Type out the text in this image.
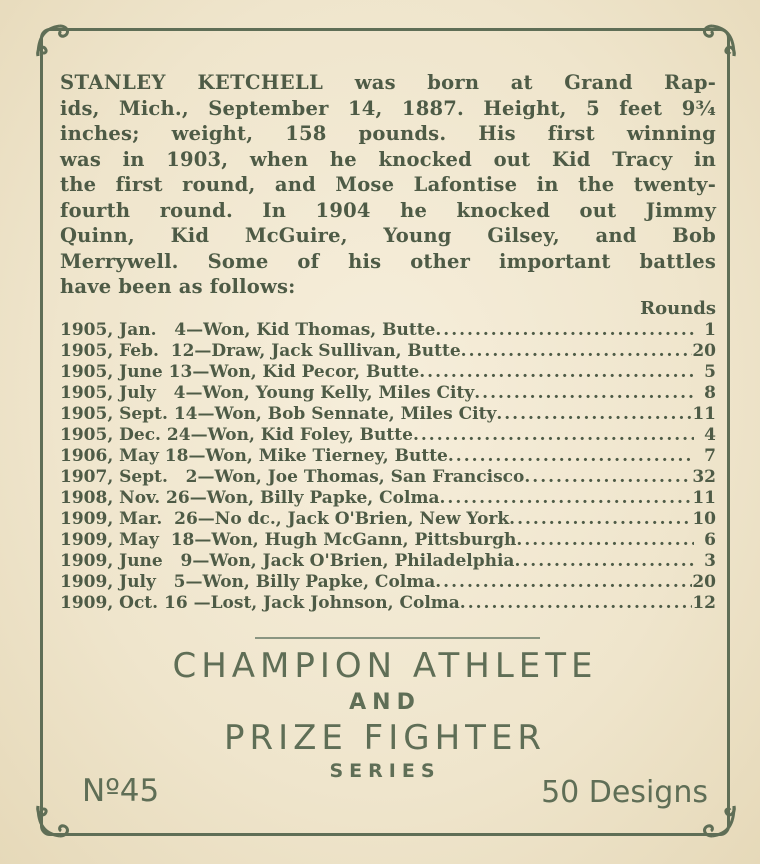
STANLEY KETCHELL was born at Grand Rap-
ids, Mich., September 14, 1887. Height, 5 feet 9¾
inches; weight, 158 pounds. His first winning
was in 1903, when he knocked out Kid Tracy in
the first round, and Mose Lafontise in the twenty-
fourth round. In 1904 he knocked out Jimmy
Quinn, Kid McGuire, Young Gilsey, and Bob
Merrywell. Some of his other important battles
have been as follows:
Rounds
1905, Jan.   4—Won, Kid Thomas, Butte .....	1
1905, Feb.  12—Draw, Jack Sullivan, Butte .....	20
1905, June 13—Won, Kid Pecor, Butte .....	5
1905, July   4—Won, Young Kelly, Miles City .....	8
1905, Sept. 14—Won, Bob Sennate, Miles City .....	11
1905, Dec. 24—Won, Kid Foley, Butte .....	4
1906, May 18—Won, Mike Tierney, Butte .....	7
1907, Sept.   2—Won, Joe Thomas, San Francisco .....	32
1908, Nov. 26—Won, Billy Papke, Colma .....	11
1909, Mar.  26—No dc., Jack O'Brien, New York .....	10
1909, May  18—Won, Hugh McGann, Pittsburgh .....	6
1909, June   9—Won, Jack O'Brien, Philadelphia .....	3
1909, July   5—Won, Billy Papke, Colma .....	20
1909, Oct. 16 —Lost, Jack Johnson, Colma .....	12
CHAMPION ATHLETE
AND
PRIZE FIGHTER
SERIES
Nº45	50 Designs
